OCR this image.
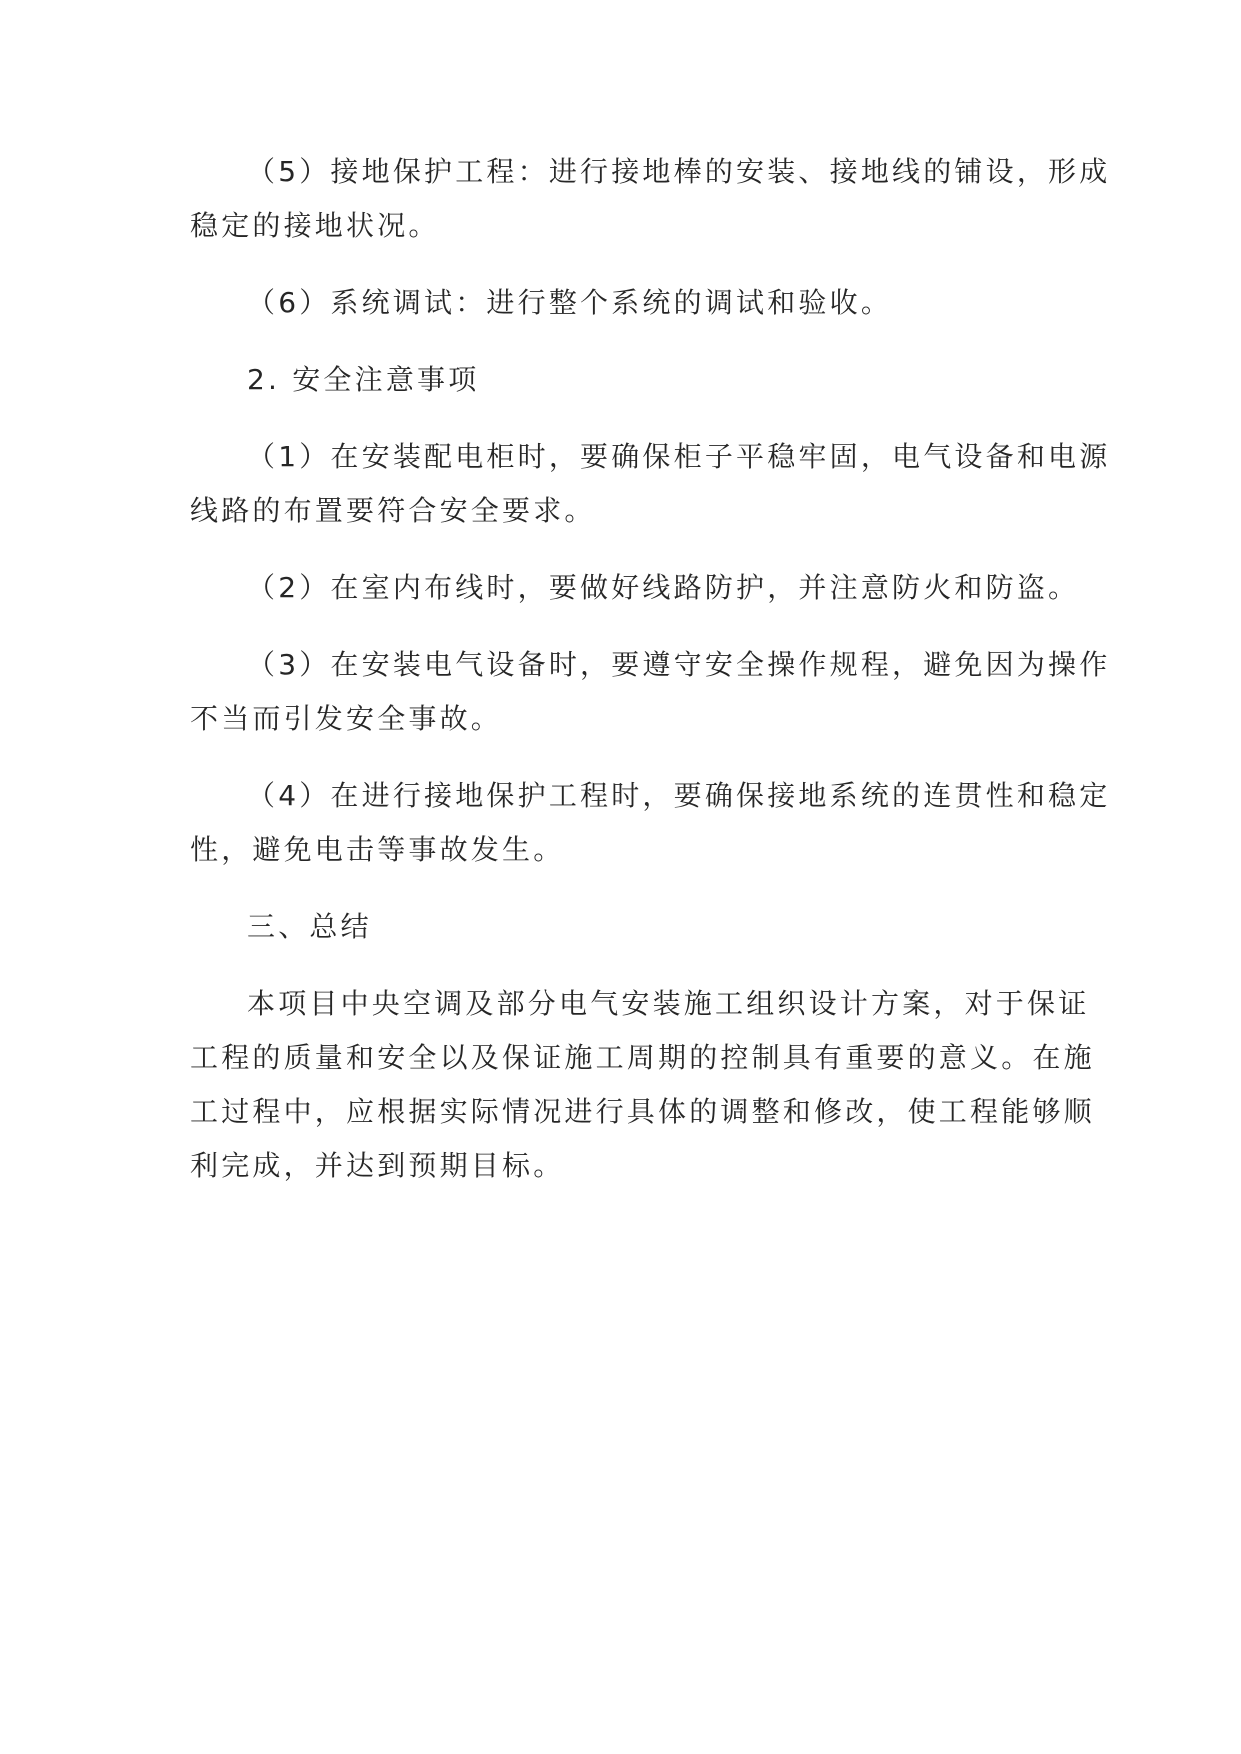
（5）接地保护工程：进行接地棒的安装、接地线的铺设，形成
稳定的接地状况。
（6）系统调试：进行整个系统的调试和验收。
2. 安全注意事项
（1）在安装配电柜时，要确保柜子平稳牢固，电气设备和电源
线路的布置要符合安全要求。
（2）在室内布线时，要做好线路防护，并注意防火和防盗。
（3）在安装电气设备时，要遵守安全操作规程，避免因为操作
不当而引发安全事故。
（4）在进行接地保护工程时，要确保接地系统的连贯性和稳定
性，避免电击等事故发生。
三、总结
本项目中央空调及部分电气安装施工组织设计方案，对于保证
工程的质量和安全以及保证施工周期的控制具有重要的意义。在施
工过程中，应根据实际情况进行具体的调整和修改，使工程能够顺
利完成，并达到预期目标。
